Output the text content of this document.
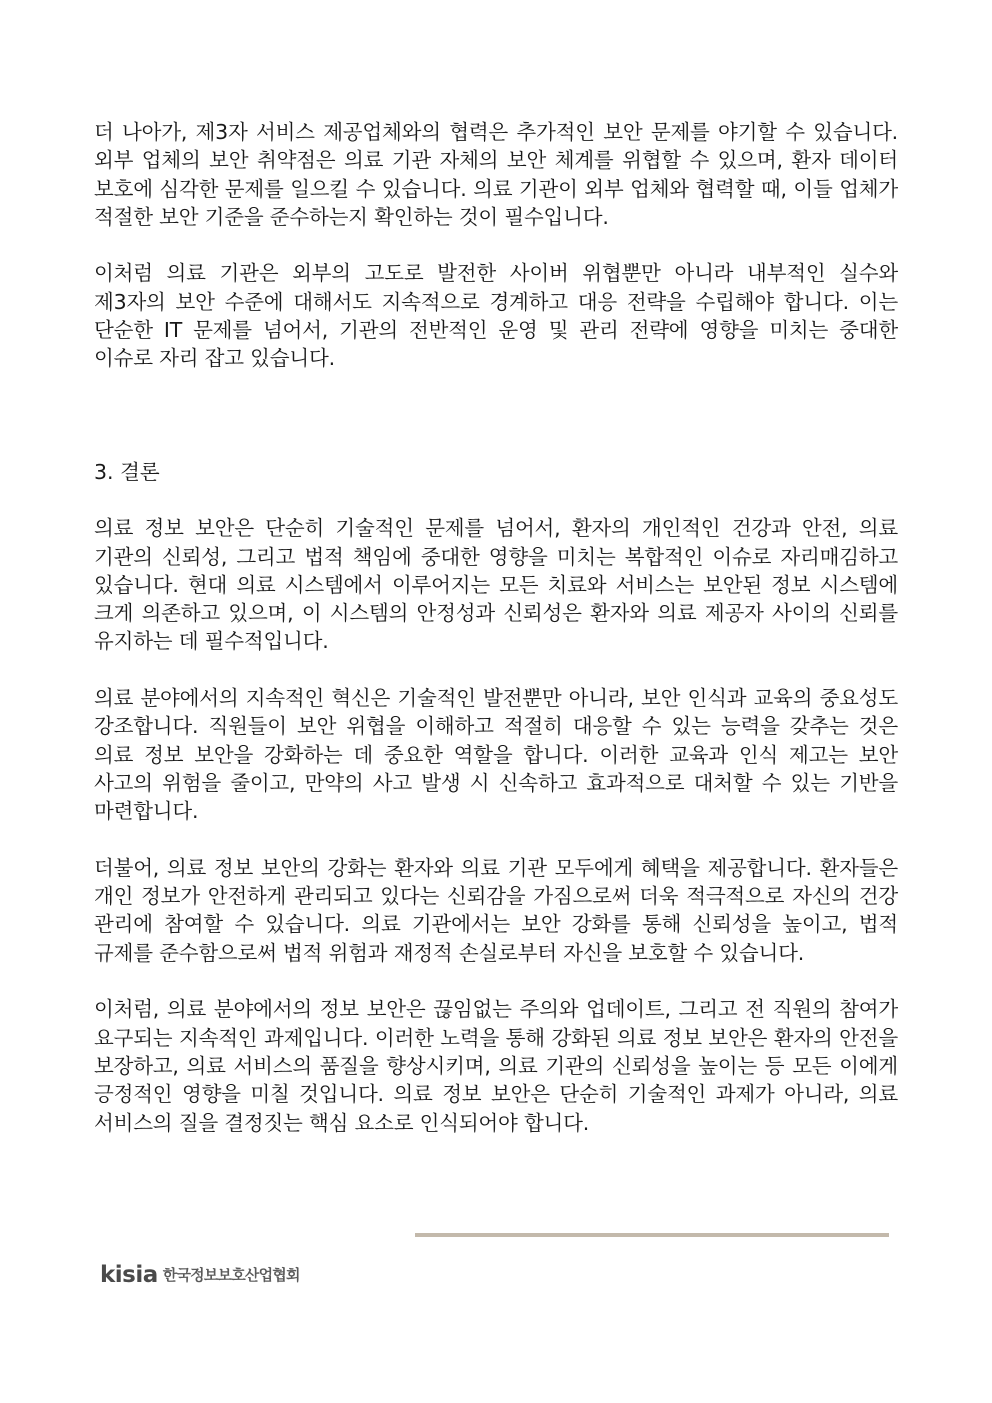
더 나아가, 제3자 서비스 제공업체와의 협력은 추가적인 보안 문제를 야기할 수 있습니다. 외부 업체의 보안 취약점은 의료 기관 자체의 보안 체계를 위협할 수 있으며, 환자 데이터 보호에 심각한 문제를 일으킬 수 있습니다. 의료 기관이 외부 업체와 협력할 때, 이들 업체가 적절한 보안 기준을 준수하는지 확인하는 것이 필수입니다.

이처럼 의료 기관은 외부의 고도로 발전한 사이버 위협뿐만 아니라 내부적인 실수와 제3자의 보안 수준에 대해서도 지속적으로 경계하고 대응 전략을 수립해야 합니다. 이는 단순한 IT 문제를 넘어서, 기관의 전반적인 운영 및 관리 전략에 영향을 미치는 중대한 이슈로 자리 잡고 있습니다.

3. 결론

의료 정보 보안은 단순히 기술적인 문제를 넘어서, 환자의 개인적인 건강과 안전, 의료 기관의 신뢰성, 그리고 법적 책임에 중대한 영향을 미치는 복합적인 이슈로 자리매김하고 있습니다. 현대 의료 시스템에서 이루어지는 모든 치료와 서비스는 보안된 정보 시스템에 크게 의존하고 있으며, 이 시스템의 안정성과 신뢰성은 환자와 의료 제공자 사이의 신뢰를 유지하는 데 필수적입니다.

의료 분야에서의 지속적인 혁신은 기술적인 발전뿐만 아니라, 보안 인식과 교육의 중요성도 강조합니다. 직원들이 보안 위협을 이해하고 적절히 대응할 수 있는 능력을 갖추는 것은 의료 정보 보안을 강화하는 데 중요한 역할을 합니다. 이러한 교육과 인식 제고는 보안 사고의 위험을 줄이고, 만약의 사고 발생 시 신속하고 효과적으로 대처할 수 있는 기반을 마련합니다.

더불어, 의료 정보 보안의 강화는 환자와 의료 기관 모두에게 혜택을 제공합니다. 환자들은 개인 정보가 안전하게 관리되고 있다는 신뢰감을 가짐으로써 더욱 적극적으로 자신의 건강 관리에 참여할 수 있습니다. 의료 기관에서는 보안 강화를 통해 신뢰성을 높이고, 법적 규제를 준수함으로써 법적 위험과 재정적 손실로부터 자신을 보호할 수 있습니다.

이처럼, 의료 분야에서의 정보 보안은 끊임없는 주의와 업데이트, 그리고 전 직원의 참여가 요구되는 지속적인 과제입니다. 이러한 노력을 통해 강화된 의료 정보 보안은 환자의 안전을 보장하고, 의료 서비스의 품질을 향상시키며, 의료 기관의 신뢰성을 높이는 등 모든 이에게 긍정적인 영향을 미칠 것입니다. 의료 정보 보안은 단순히 기술적인 과제가 아니라, 의료 서비스의 질을 결정짓는 핵심 요소로 인식되어야 합니다.

kisia 한국정보보호산업협회
